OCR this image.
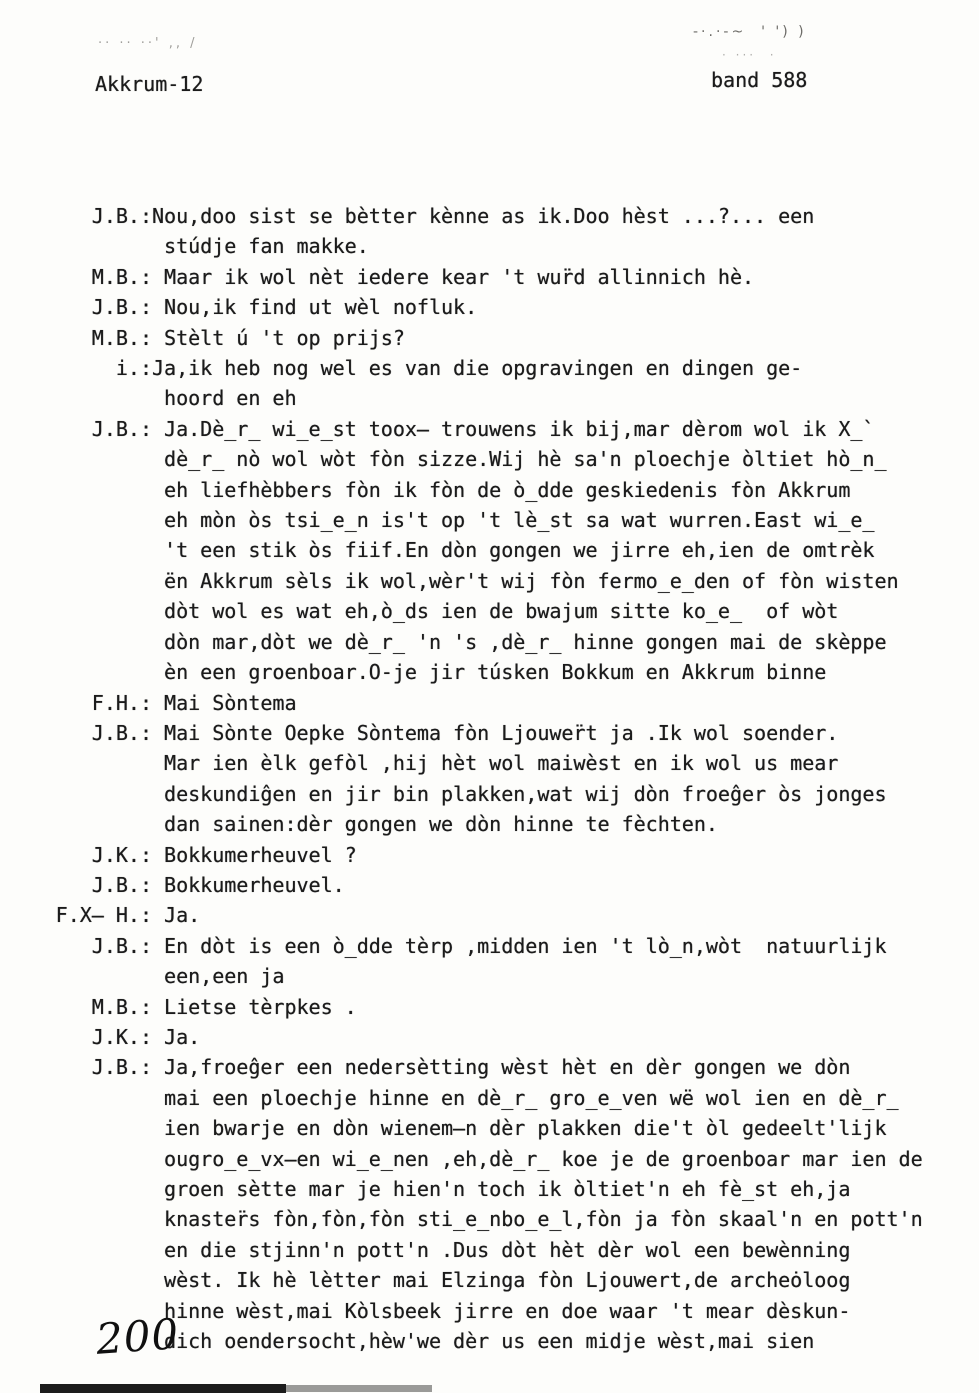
·· ·· ··' ,, /
-·.·-~  ' ') )
· ···  ·
Akkrum-12	band 588
J.B.: Nou,doo sist se bètter kènne as ik.Doo hèst ...?... een
stúdje fan makke.
M.B.: Maar ik wol nèt iedere kear 't wur̈d allinnich hè.
J.B.: Nou,ik find ut wèl nofluk.
M.B.: Stèlt ú 't op prijs?
i.: Ja,ik heb nog wel es van die opgravingen en dingen ge-
hoord en eh
J.B.: Ja.Dè̲r̲ wi̲e̲st toox̶ trouwens ik bij,mar dèrom wol ik X̲`
dè̲r̲ nò wol wòt fòn sizze.Wij hè sa'n ploechje òltiet hò̲n̲
eh liefhèbbers fòn ik fòn de ò̲dde geskiedenis fòn Akkrum
eh mòn òs tsi̲e̲n is't op 't lè̲st sa wat wurren.East wi̲e̲
't een stik òs fiif.En dòn gongen we jirre eh,ien de omtrèk
ën Akkrum sèls ik wol,wèr't wij fòn fermo̲e̲den of fòn wisten
dòt wol es wat eh,ò̲ds ien de bwajum sitte ko̲e̲  of wòt
dòn mar,dòt we dè̲r̲ 'n 's ,dè̲r̲ hinne gongen mai de skèppe
èn een groenboar.O-je jir túsken Bokkum en Akkrum binne
F.H.: Mai Sòntema
J.B.: Mai Sònte Oepke Sòntema fòn Ljouwer̈t ja .Ik wol soender.
Mar ien èlk gefòl ,hij hèt wol maiwèst en ik wol us mear
deskundiĝen en jir bin plakken,wat wij dòn froeĝer òs jonges
dan sainen:dèr gongen we dòn hinne te fèchten.
J.K.: Bokkumerheuvel ?
J.B.: Bokkumerheuvel.
F.X̶ H.: Ja.
J.B.: En dòt is een ò̲dde tèrp ,midden ien 't lò̲n,wòt  natuurlijk
een,een ja
M.B.: Lietse tèrpkes .
J.K.: Ja.
J.B.: Ja,froeĝer een nedersètting wèst hèt en dèr gongen we dòn
mai een ploechje hinne en dè̲r̲ gro̲e̲ven wë wol ien en dè̲r̲
ien bwarje en dòn wienem̶n dèr plakken die't òl gedeelt'lijk
ougro̲e̲vx̶en wi̲e̲nen ,eh,dè̲r̲ koe je de groenboar mar ien de
groen sètte mar je hien'n toch ik òltiet'n eh fè̲st eh,ja
knaster̈s fòn,fòn,fòn sti̲e̲nbo̲e̲l,fòn ja fòn skaal'n en pott'n
en die stjinn'n pott'n .Dus dòt hèt dèr wol een bewènning
wèst. Ik hè lètter mai Elzinga fòn Ljouwert,de archeȯloog
hinne wèst,mai Kòlsbeek jirre en doe waar 't mear dèskun-
dich oendersocht,hèw'we dèr us een midje wèst,mai sien
200
